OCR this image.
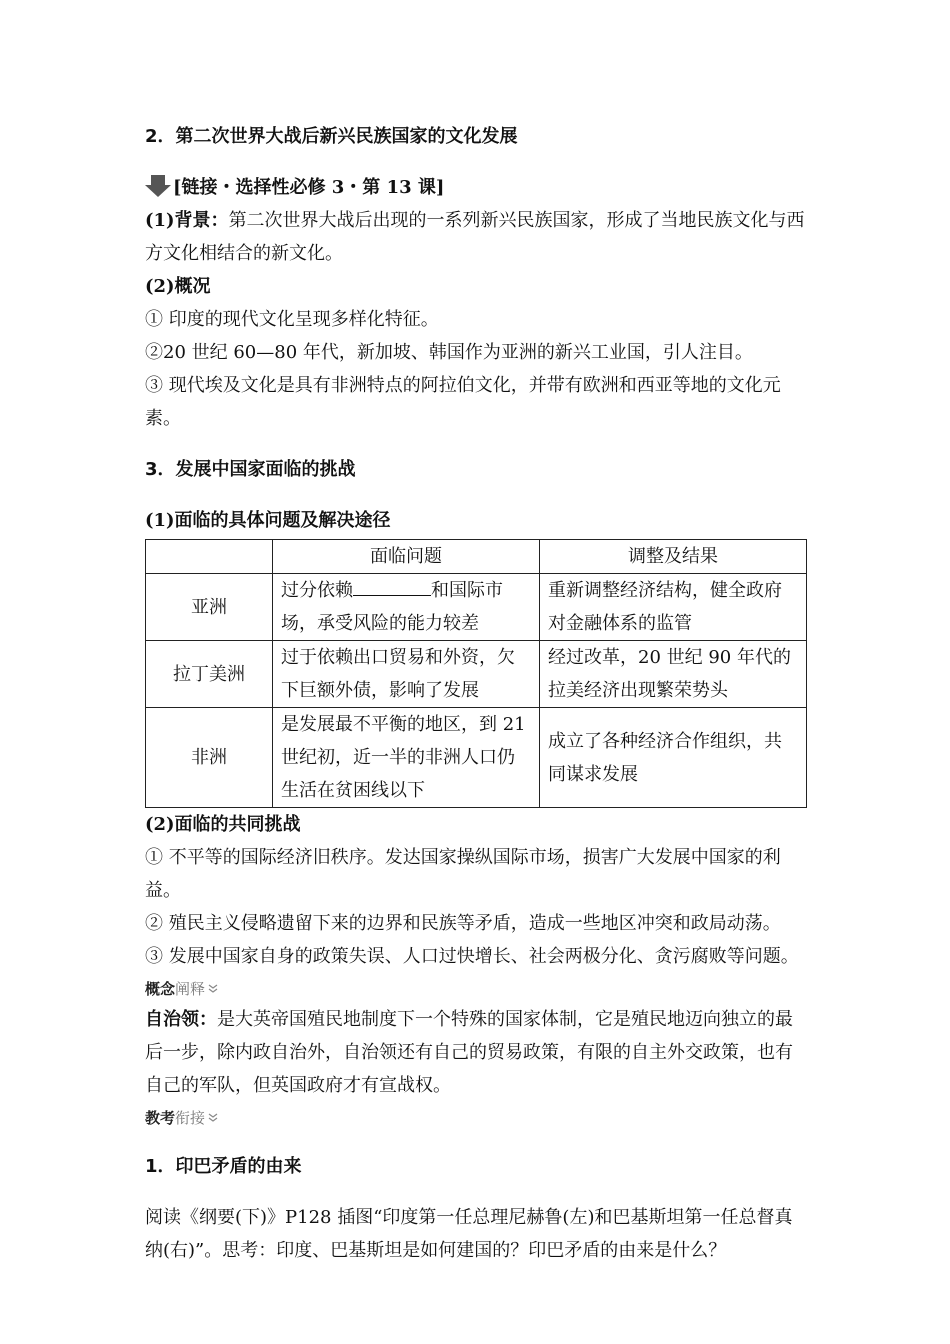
2．第二次世界大战后新兴民族国家的文化发展

[链接・选择性必修 3・第 13 课]

(1)背景：第二次世界大战后出现的一系列新兴民族国家，形成了当地民族文化与西方文化相结合的新文化。

(2)概况

① 印度的现代文化呈现多样化特征。

②20 世纪 60—80 年代，新加坡、韩国作为亚洲的新兴工业国，引人注目。

③ 现代埃及文化是具有非洲特点的阿拉伯文化，并带有欧洲和西亚等地的文化元素。

3．发展中国家面临的挑战

(1)面临的具体问题及解决途径

	面临问题	调整及结果
亚洲	过分依赖 和国际市场，承受风险的能力较差	重新调整经济结构，健全政府对金融体系的监管
拉丁美洲	过于依赖出口贸易和外资，欠下巨额外债，影响了发展	经过改革，20 世纪 90 年代的拉美经济出现繁荣势头
非洲	是发展最不平衡的地区，到 21 世纪初，近一半的非洲人口仍生活在贫困线以下	成立了各种经济合作组织，共同谋求发展

(2)面临的共同挑战

① 不平等的国际经济旧秩序。发达国家操纵国际市场，损害广大发展中国家的利益。

② 殖民主义侵略遗留下来的边界和民族等矛盾，造成一些地区冲突和政局动荡。

③ 发展中国家自身的政策失误、人口过快增长、社会两极分化、贪污腐败等问题。

概念 阐释

自治领：是大英帝国殖民地制度下一个特殊的国家体制，它是殖民地迈向独立的最后一步，除内政自治外，自治领还有自己的贸易政策，有限的自主外交政策，也有自己的军队，但英国政府才有宣战权。

教考 衔接

1．印巴矛盾的由来

阅读《纲要(下)》P128 插图“印度第一任总理尼赫鲁(左)和巴基斯坦第一任总督真纳(右)”。思考：印度、巴基斯坦是如何建国的？印巴矛盾的由来是什么？
